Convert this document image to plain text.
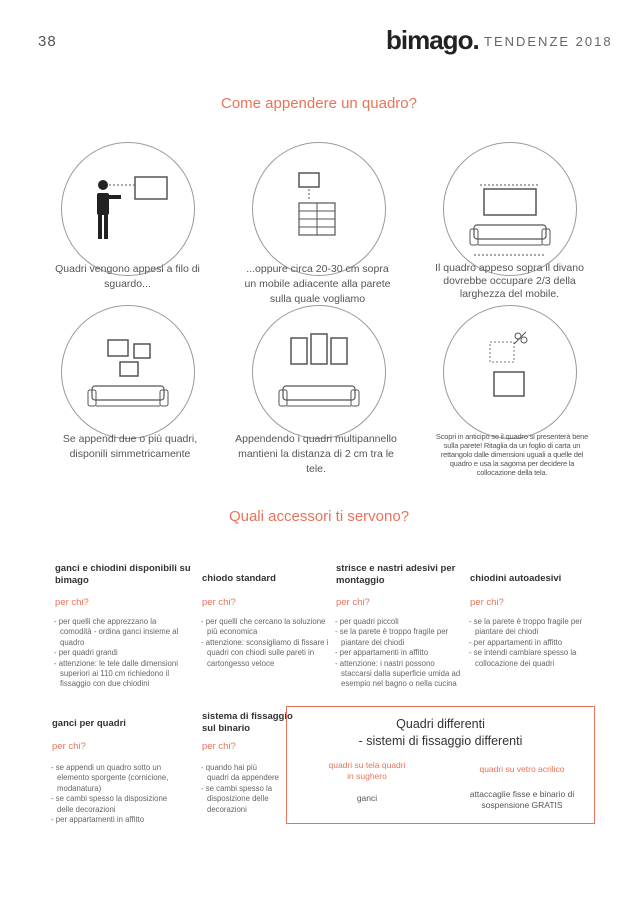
38	bimago. TENDENZE 2018
Come appendere un quadro?
Quadri vengono appesi a filo di sguardo...
...oppure circa 20-30 cm sopra un mobile adiacente alla parete sulla quale vogliamo
Il quadro appeso sopra il divano dovrebbe occupare 2/3 della larghezza del mobile.
Se appendi due o più quadri, disponili simmetricamente
Appendendo i quadri multipannello mantieni la distanza di 2 cm tra le tele.
Scopri in anticipo se il quadro si presenterà bene sulla parete! Ritaglia da un foglio di carta un rettangolo dalle dimensioni uguali a quelle del quadro e usa la sagoma per decidere la collocazione della tela.
Quali accessori ti servono?
ganci e chiodini disponibili su bimago
per chi?
- per quelli che apprezzano la comodità - ordina ganci insieme al quadro
- per quadri grandi
- attenzione: le tele dalle dimensioni superiori ai 110 cm richiedono il fissaggio con due chiodini
chiodo standard
per chi?
- per quelli che cercano la soluzione più economica
- attenzione: sconsigliamo di fissare i quadri con chiodi sulle pareti in cartongesso veloce
strisce e nastri adesivi per montaggio
per chi?
- per quadri piccoli
- se la parete è troppo fragile per piantare dei chiodi
- per appartamenti in affitto
- attenzione: i nastri possono staccarsi dalla superficie umida ad esempio nel bagno o nella cucina
chiodini autoadesivi
per chi?
- se la parete è troppo fragile per piantare dei chiodi
- per appartamenti in affitto
- se intendi cambiare spesso la collocazione dei quadri
ganci per quadri
per chi?
- se appendi un quadro sotto un elemento sporgente (cornicione, modanatura)
- se cambi spesso la disposizione delle decorazioni
- per appartamenti in affitto
sistema di fissaggio sul binario
per chi?
- quando hai più quadri da appendere
- se cambi spesso la disposizione delle decorazioni
Quadri differenti
- sistemi di fissaggio differenti
quadri su tela quadri in sughero
ganci
quadri su vetro acrilico
attaccaglie fisse e binario di sospensione GRATIS
